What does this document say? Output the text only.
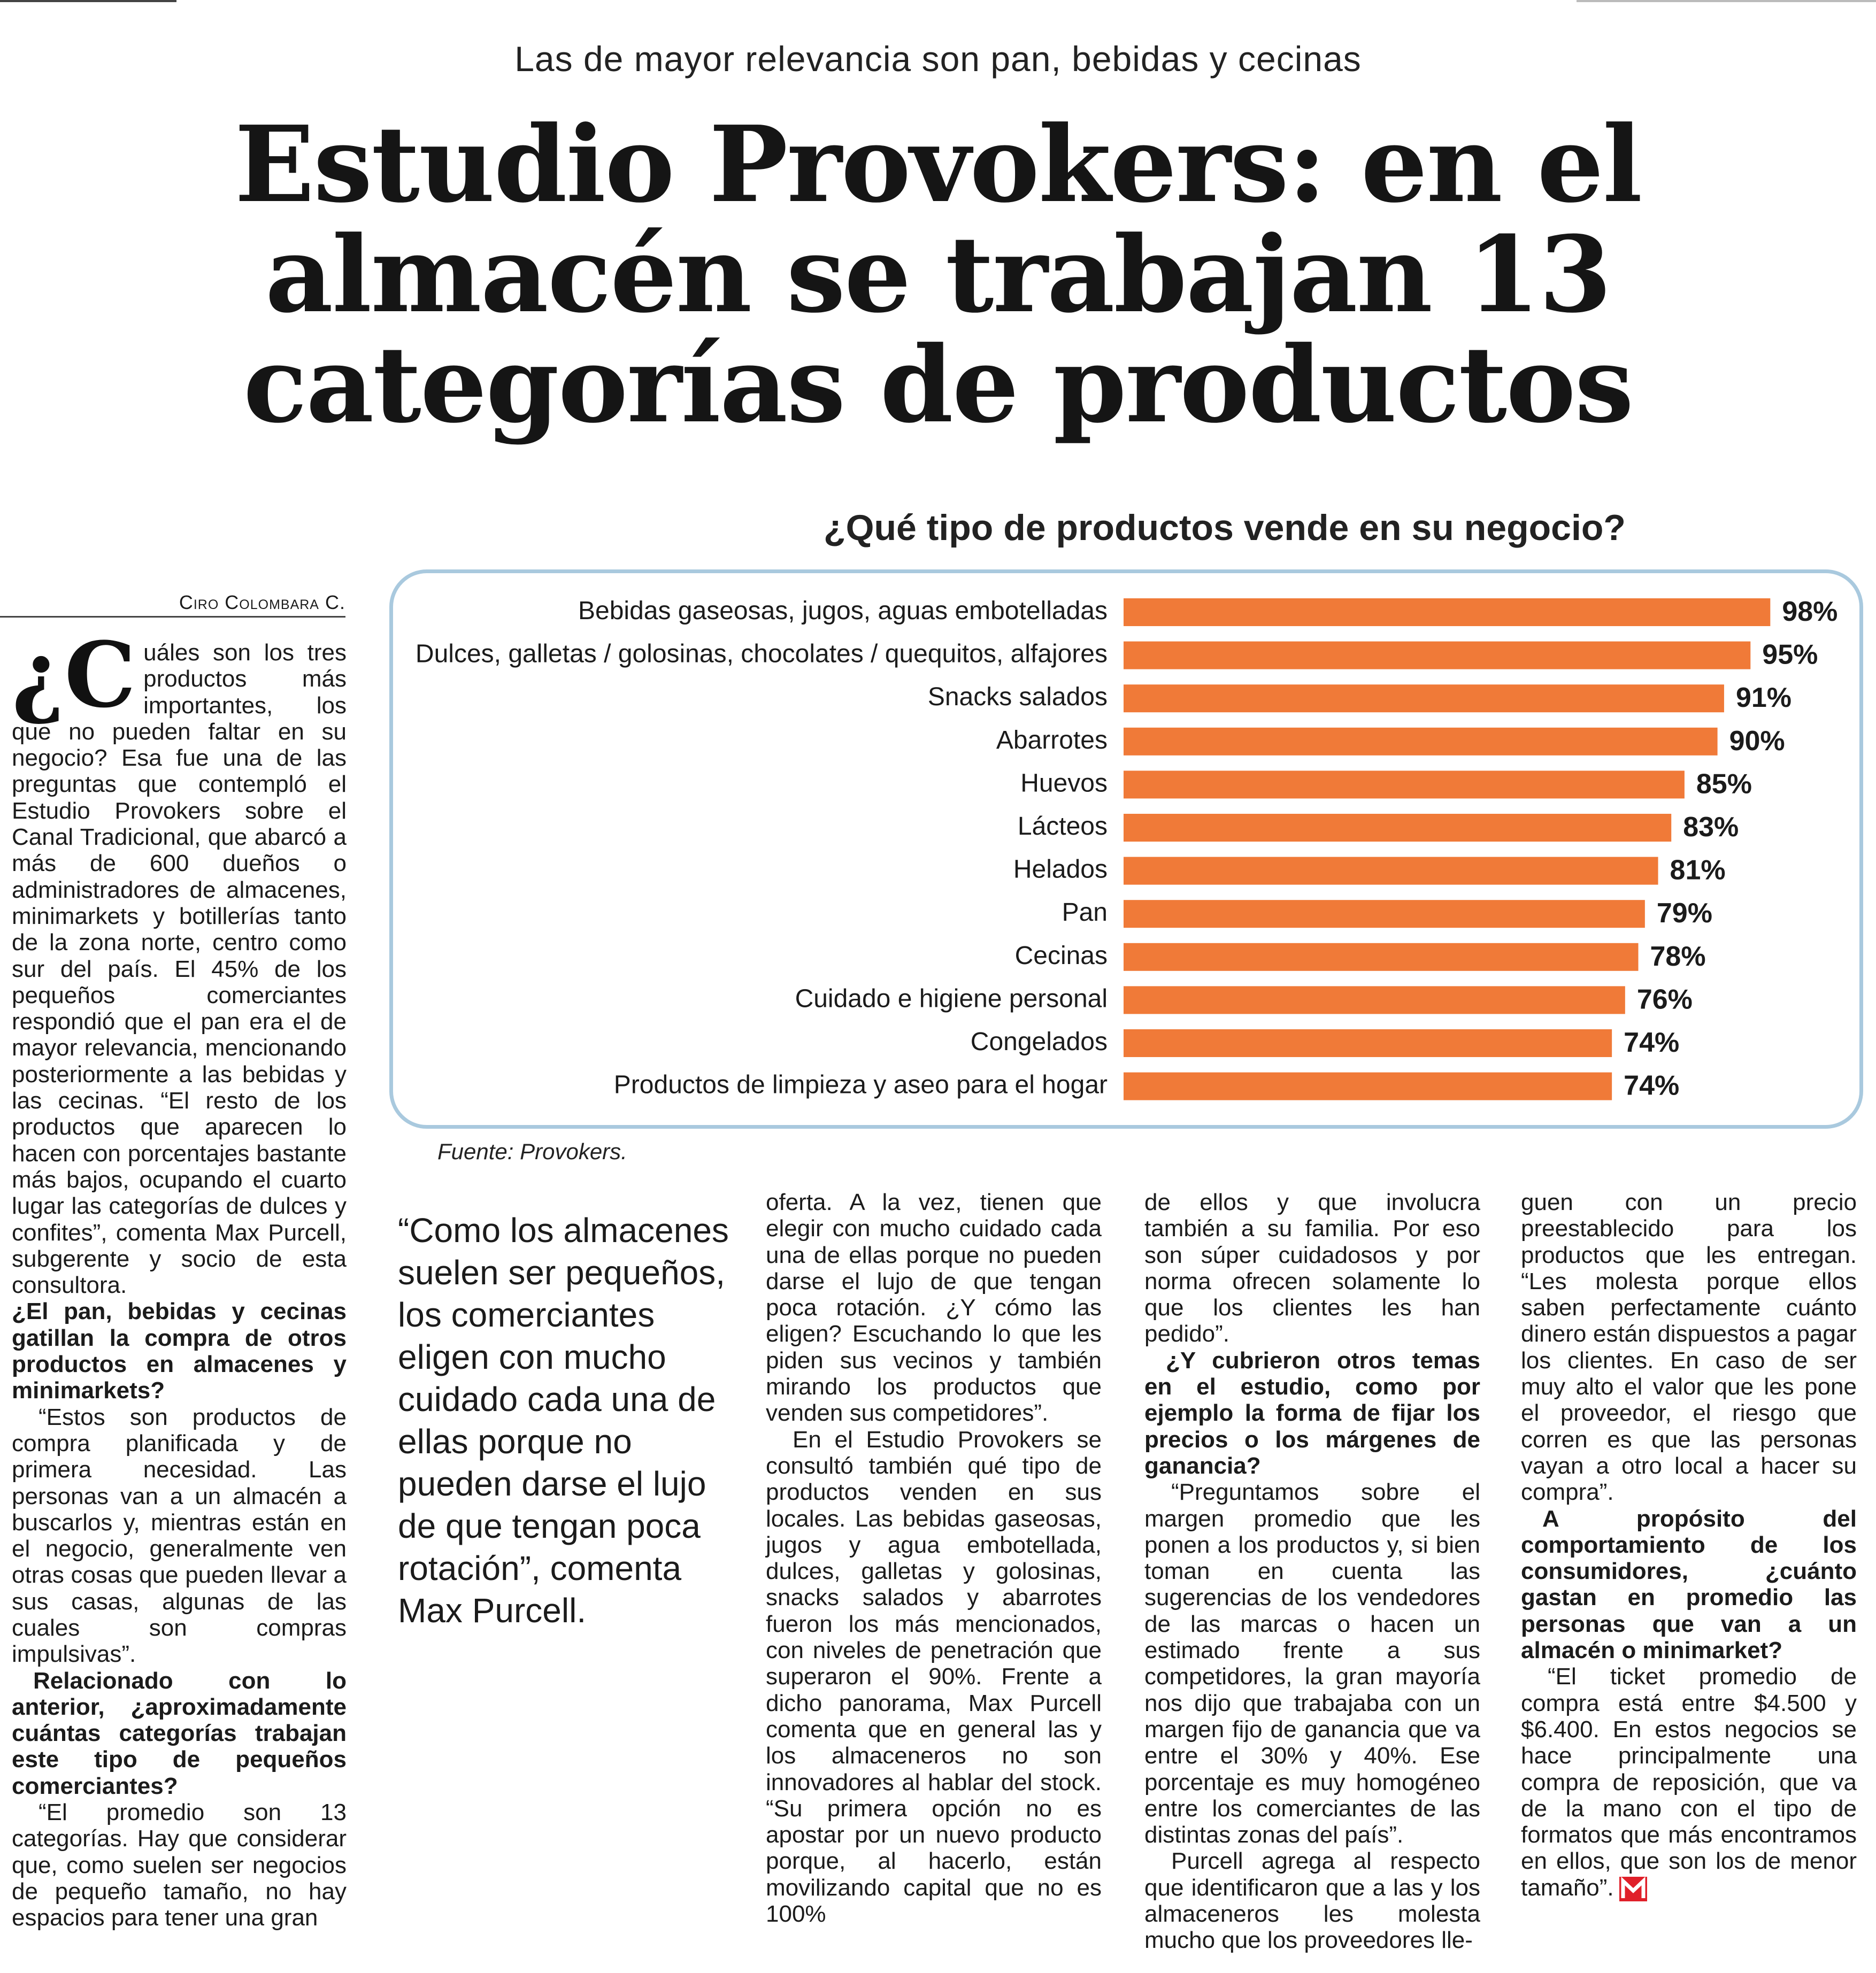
Las de mayor relevancia son pan, bebidas y cecinas
Estudio Provokers: en el
almacén se trabajan 13
categorías de productos
¿Qué tipo de productos vende en su negocio?
Bebidas gaseosas, jugos, aguas embotelladas	98%
Dulces, galletas / golosinas, chocolates / quequitos, alfajores	95%
Snacks salados	91%
Abarrotes	90%
Huevos	85%
Lácteos	83%
Helados	81%
Pan	79%
Cecinas	78%
Cuidado e higiene personal	76%
Congelados	74%
Productos de limpieza y aseo para el hogar	74%
Fuente: Provokers.
Ciro Colombara C.

¿C uáles son los tres productos más importantes, los que no pueden faltar en su negocio? Esa fue una de las preguntas que contempló el Estudio Provokers sobre el Canal Tradicional, que abarcó a más de 600 dueños o administradores de almacenes, minimarkets y botillerías tanto de la zona norte, centro como sur del país. El 45% de los pequeños comerciantes respondió que el pan era el de mayor relevancia, mencionando posteriormente a las bebidas y las cecinas. “El resto de los productos que aparecen lo hacen con porcentajes bastante más bajos, ocupando el cuarto lugar las categorías de dulces y confites”, comenta Max Purcell, subgerente y socio de esta consultora.

¿El pan, bebidas y cecinas gatillan la compra de otros productos en almacenes y minimarkets?

“Estos son productos de compra planificada y de primera necesidad. Las personas van a un almacén a buscarlos y, mientras están en el negocio, generalmente ven otras cosas que pueden llevar a sus casas, algunas de las cuales son compras impulsivas”.

Relacionado con lo anterior, ¿aproximadamente cuántas categorías trabajan este tipo de pequeños comerciantes?

“El promedio son 13 categorías. Hay que considerar que, como suelen ser negocios de pequeño tamaño, no hay espacios para tener una gran

“Como los almacenes suelen ser pequeños, los comerciantes eligen con mucho cuidado cada una de ellas porque no pueden darse el lujo de que tengan poca rotación”, comenta Max Purcell.

oferta. A la vez, tienen que elegir con mucho cuidado cada una de ellas porque no pueden darse el lujo de que tengan poca rotación. ¿Y cómo las eligen? Escuchando lo que les piden sus vecinos y también mirando los productos que venden sus competidores”.

En el Estudio Provokers se consultó también qué tipo de productos venden en sus locales. Las bebidas gaseosas, jugos y agua embotellada, dulces, galletas y golosinas, snacks salados y abarrotes fueron los más mencionados, con niveles de penetración que superaron el 90%. Frente a dicho panorama, Max Purcell comenta que en general las y los almaceneros no son innovadores al hablar del stock. “Su primera opción no es apostar por un nuevo producto porque, al hacerlo, están movilizando capital que no es 100%

de ellos y que involucra también a su familia. Por eso son súper cuidadosos y por norma ofrecen solamente lo que los clientes les han pedido”.

¿Y cubrieron otros temas en el estudio, como por ejemplo la forma de fijar los precios o los márgenes de ganancia?

“Preguntamos sobre el margen promedio que les ponen a los productos y, si bien toman en cuenta las sugerencias de los vendedores de las marcas o hacen un estimado frente a sus competidores, la gran mayoría nos dijo que trabajaba con un margen fijo de ganancia que va entre el 30% y 40%. Ese porcentaje es muy homogéneo entre los comerciantes de las distintas zonas del país”.

Purcell agrega al respecto que identificaron que a las y los almaceneros les molesta mucho que los proveedores lle-

guen con un precio preestablecido para los productos que les entregan. “Les molesta porque ellos saben perfectamente cuánto dinero están dispuestos a pagar los clientes. En caso de ser muy alto el valor que les pone el proveedor, el riesgo que corren es que las personas vayan a otro local a hacer su compra”.

A propósito del comportamiento de los consumidores, ¿cuánto gastan en promedio las personas que van a un almacén o minimarket?

“El ticket promedio de compra está entre $4.500 y $6.400. En estos negocios se hace principalmente una compra de reposición, que va de la mano con el tipo de formatos que más encontramos en ellos, que son los de menor tamaño”.
